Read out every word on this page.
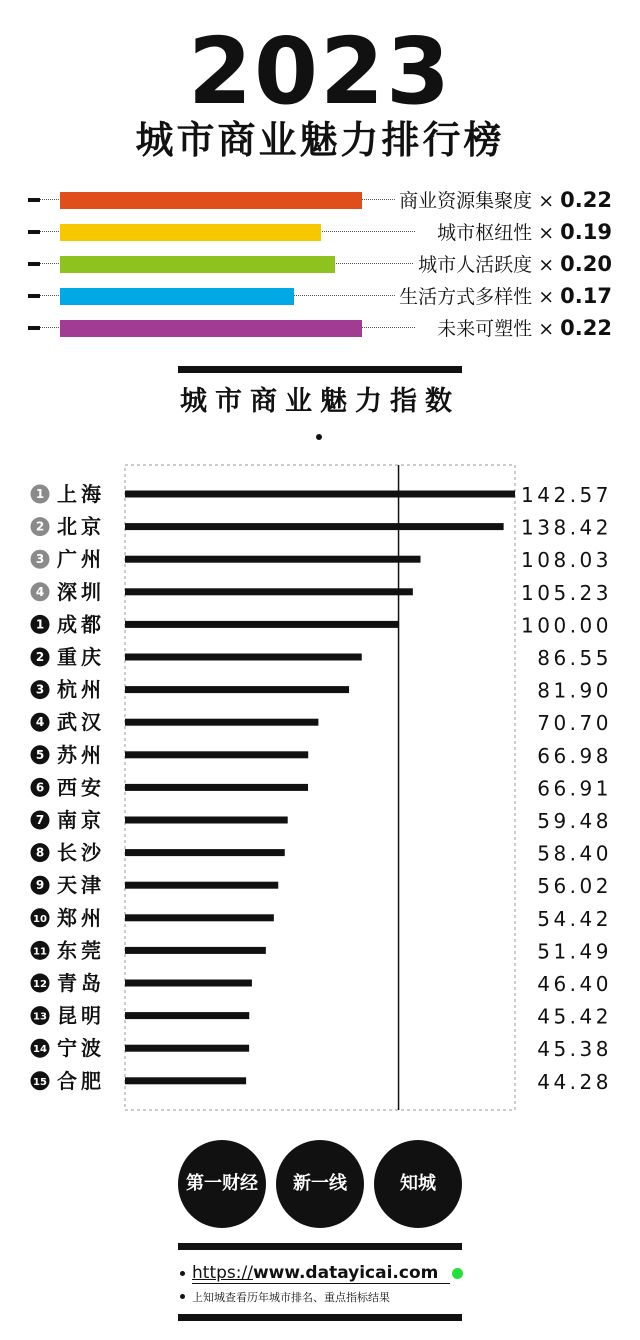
2023
城市商业魅力排行榜
商业资源集聚度 × 0.22
城市枢纽性 × 0.19
城市人活跃度 × 0.20
生活方式多样性 × 0.17
未来可塑性 × 0.22
城市商业魅力指数
1 上海	142.57
2 北京	138.42
3 广州	108.03
4 深圳	105.23
1 成都	100.00
2 重庆	86.55
3 杭州	81.90
4 武汉	70.70
5 苏州	66.98
6 西安	66.91
7 南京	59.48
8 长沙	58.40
9 天津	56.02
10 郑州	54.42
11 东莞	51.49
12 青岛	46.40
13 昆明	45.42
14 宁波	45.38
15 合肥	44.28
第一财经	新一线	知城
https://www.datayicai.com
上知城查看历年城市排名、重点指标结果
